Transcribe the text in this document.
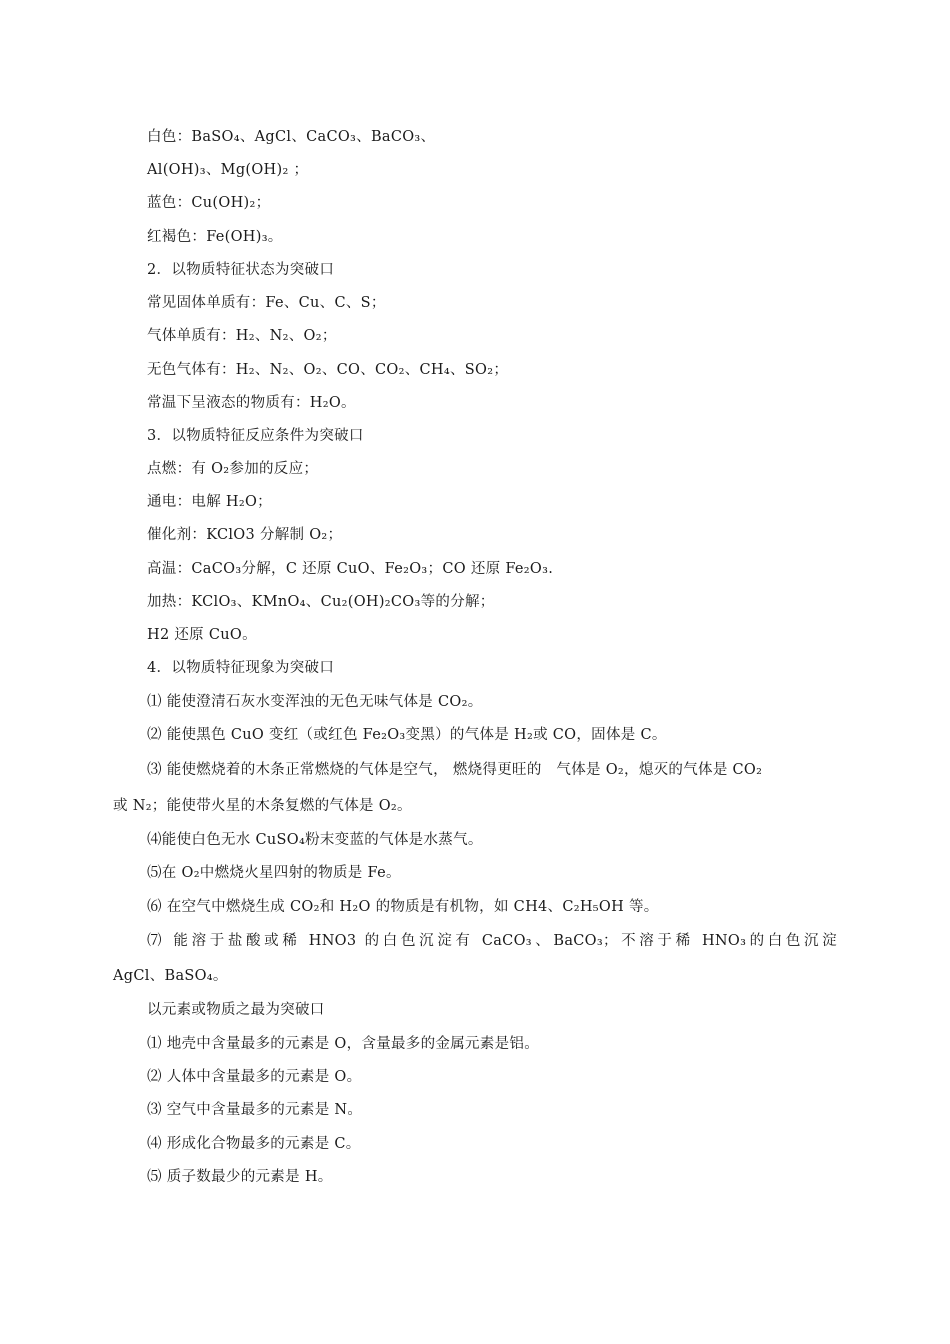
白色：BaSO₄、AgCl、CaCO₃、BaCO₃、
Al(OH)₃、Mg(OH)₂ ；
蓝色：Cu(OH)₂；
红褐色：Fe(OH)₃。
2．以物质特征状态为突破口
常见固体单质有：Fe、Cu、C、S；
气体单质有：H₂、N₂、O₂；
无色气体有：H₂、N₂、O₂、CO、CO₂、CH₄、SO₂；
常温下呈液态的物质有：H₂O。
3．以物质特征反应条件为突破口
点燃：有 O₂参加的反应；
通电：电解 H₂O；
催化剂：KClO3 分解制 O₂；
高温：CaCO₃分解，C 还原 CuO、Fe₂O₃；CO 还原 Fe₂O₃.
加热：KClO₃、KMnO₄、Cu₂(OH)₂CO₃等的分解；
H2 还原 CuO。
4．以物质特征现象为突破口
⑴ 能使澄清石灰水变浑浊的无色无味气体是 CO₂。
⑵ 能使黑色 CuO 变红（或红色 Fe₂O₃变黑）的气体是 H₂或 CO，固体是 C。
⑶ 能使燃烧着的木条正常燃烧的气体是空气， 燃烧得更旺的　气体是 O₂，熄灭的气体是 CO₂
或 N₂；能使带火星的木条复燃的气体是 O₂。
⑷能使白色无水 CuSO₄粉末变蓝的气体是水蒸气。
⑸在 O₂中燃烧火星四射的物质是 Fe。
⑹ 在空气中燃烧生成 CO₂和 H₂O 的物质是有机物，如 CH4、C₂H₅OH 等。
⑺ 能溶于盐酸或稀 HNO3 的白色沉淀有 CaCO₃、BaCO₃；不溶于稀 HNO₃的白色沉淀
AgCl、BaSO₄。
以元素或物质之最为突破口
⑴ 地壳中含量最多的元素是 O，含量最多的金属元素是铝。
⑵ 人体中含量最多的元素是 O。
⑶ 空气中含量最多的元素是 N。
⑷ 形成化合物最多的元素是 C。
⑸ 质子数最少的元素是 H。
